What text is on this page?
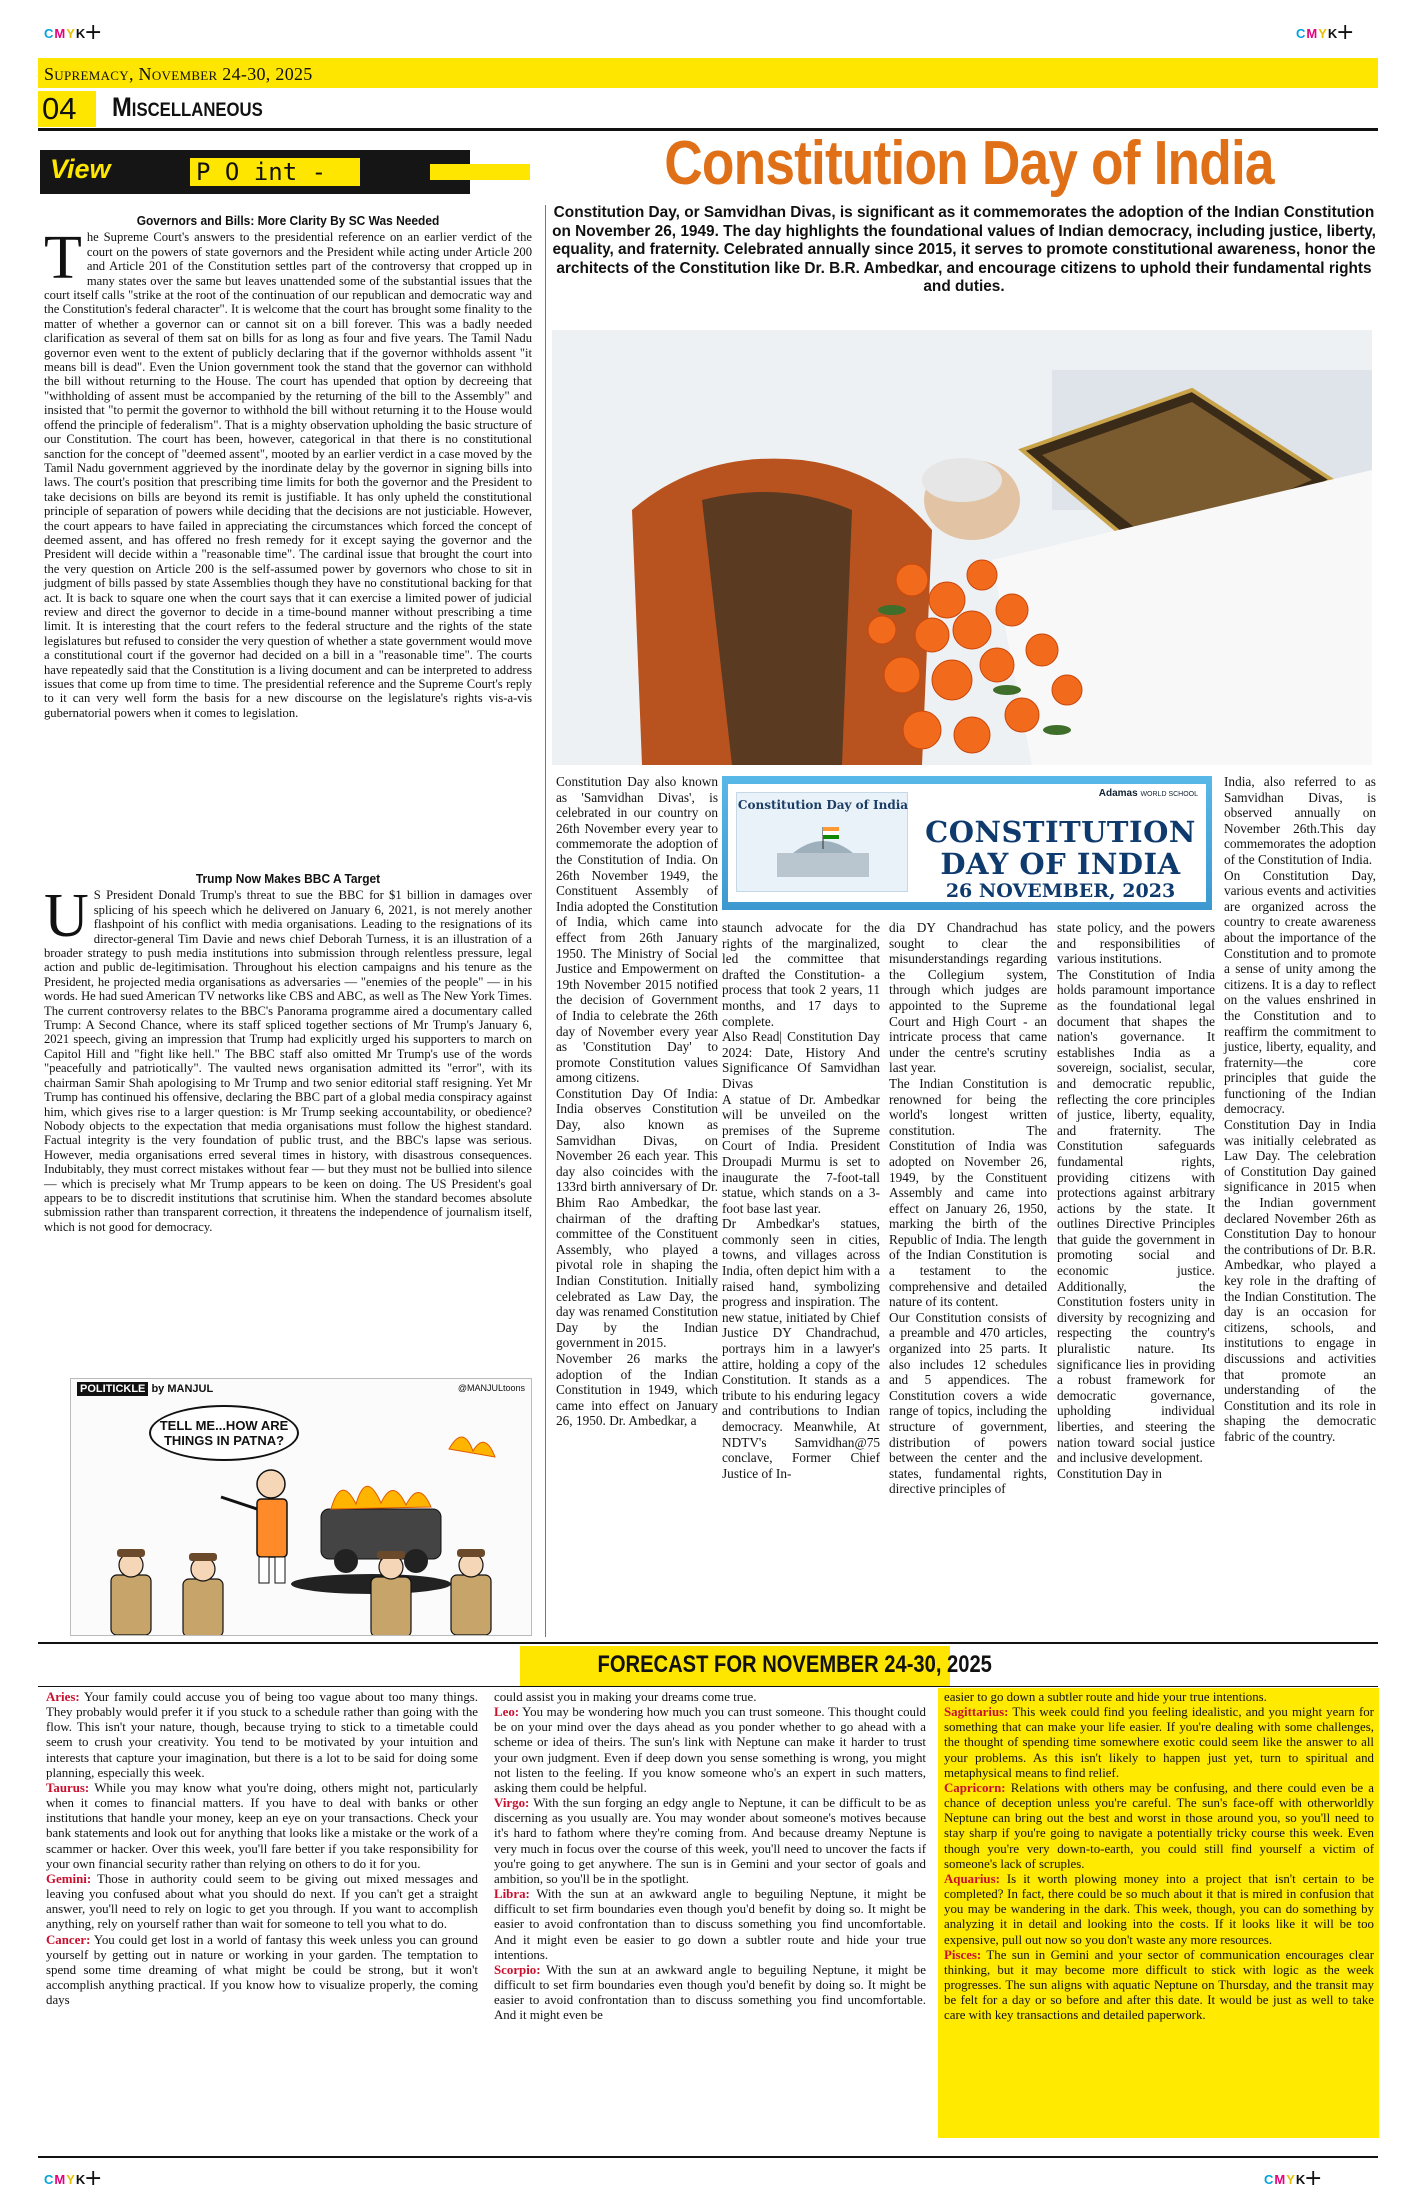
CMYK
+	CMYK
+
CMYK
+	CMYK
+
Supremacy, November 24-30, 2025
04	Miscellaneous
View	P O int -
Governors and Bills: More Clarity By SC Was Needed
T he Supreme Court's answers to the presidential reference on an earlier verdict of the court on the powers of state governors and the President while acting under Article 200 and Article 201 of the Constitution settles part of the controversy that cropped up in many states over the same but leaves unattended some of the substantial issues that the court itself calls "strike at the root of the continuation of our republican and democratic way and the Constitution's federal character". It is welcome that the court has brought some finality to the matter of whether a governor can or cannot sit on a bill forever. This was a badly needed clarification as several of them sat on bills for as long as four and five years. The Tamil Nadu governor even went to the extent of publicly declaring that if the governor withholds assent "it means bill is dead". Even the Union government took the stand that the governor can withhold the bill without returning to the House. The court has upended that option by decreeing that "withholding of assent must be accompanied by the returning of the bill to the Assembly" and insisted that "to permit the governor to withhold the bill without returning it to the House would offend the principle of federalism". That is a mighty observation upholding the basic structure of our Constitution. The court has been, however, categorical in that there is no constitutional sanction for the concept of "deemed assent", mooted by an earlier verdict in a case moved by the Tamil Nadu government aggrieved by the inordinate delay by the governor in signing bills into laws. The court's position that prescribing time limits for both the governor and the President to take decisions on bills are beyond its remit is justifiable. It has only upheld the constitutional principle of separation of powers while deciding that the decisions are not justiciable. However, the court appears to have failed in appreciating the circumstances which forced the concept of deemed assent, and has offered no fresh remedy for it except saying the governor and the President will decide within a "reasonable time". The cardinal issue that brought the court into the very question on Article 200 is the self-assumed power by governors who chose to sit in judgment of bills passed by state Assemblies though they have no constitutional backing for that act. It is back to square one when the court says that it can exercise a limited power of judicial review and direct the governor to decide in a time-bound manner without prescribing a time limit. It is interesting that the court refers to the federal structure and the rights of the state legislatures but refused to consider the very question of whether a state government would move a constitutional court if the governor had decided on a bill in a "reasonable time". The courts have repeatedly said that the Constitution is a living document and can be interpreted to address issues that come up from time to time. The presidential reference and the Supreme Court's reply to it can very well form the basis for a new discourse on the legislature's rights vis-a-vis gubernatorial powers when it comes to legislation.
Trump Now Makes BBC A Target
U S President Donald Trump's threat to sue the BBC for $1 billion in damages over splicing of his speech which he delivered on January 6, 2021, is not merely another flashpoint of his conflict with media organisations. Leading to the resignations of its director-general Tim Davie and news chief Deborah Turness, it is an illustration of a broader strategy to push media institutions into submission through relentless pressure, legal action and public de-legitimisation. Throughout his election campaigns and his tenure as the President, he projected media organisations as adversaries — "enemies of the people" — in his words. He had sued American TV networks like CBS and ABC, as well as The New York Times. The current controversy relates to the BBC's Panorama programme aired a documentary called Trump: A Second Chance, where its staff spliced together sections of Mr Trump's January 6, 2021 speech, giving an impression that Trump had explicitly urged his supporters to march on Capitol Hill and "fight like hell." The BBC staff also omitted Mr Trump's use of the words "peacefully and patriotically". The vaulted news organisation admitted its "error", with its chairman Samir Shah apologising to Mr Trump and two senior editorial staff resigning. Yet Mr Trump has continued his offensive, declaring the BBC part of a global media conspiracy against him, which gives rise to a larger question: is Mr Trump seeking accountability, or obedience? Nobody objects to the expectation that media organisations must follow the highest standard. Factual integrity is the very foundation of public trust, and the BBC's lapse was serious. However, media organisations erred several times in history, with disastrous consequences. Indubitably, they must correct mistakes without fear — but they must not be bullied into silence — which is precisely what Mr Trump appears to be keen on doing. The US President's goal appears to be to discredit institutions that scrutinise him. When the standard becomes absolute submission rather than transparent correction, it threatens the independence of journalism itself, which is not good for democracy.
POLITICKLE by MANJUL	@MANJULtoons
TELL ME...HOW ARE THINGS IN PATNA?
Constitution Day of India
Constitution Day, or Samvidhan Divas, is significant as it commemorates the adoption of the Indian Constitution on November 26, 1949. The day highlights the foundational values of Indian democracy, including justice, liberty, equality, and fraternity. Celebrated annually since 2015, it serves to promote constitutional awareness, honor the architects of the Constitution like Dr. B.R. Ambedkar, and encourage citizens to uphold their fundamental rights and duties.
Constitution Day also known as 'Samvidhan Divas', is celebrated in our country on 26th November every year to commemorate the adoption of the Constitution of India. On 26th November 1949, the Constituent Assembly of India adopted the Constitution of India, which came into effect from 26th January 1950. The Ministry of Social Justice and Empowerment on 19th November 2015 notified the decision of Government of India to celebrate the 26th day of November every year as 'Constitution Day' to promote Constitution values among citizens.
Constitution Day Of India: India observes Constitution Day, also known as Samvidhan Divas, on November 26 each year. This day also coincides with the 133rd birth anniversary of Dr. Bhim Rao Ambedkar, the chairman of the drafting committee of the Constituent Assembly, who played a pivotal role in shaping the Indian Constitution. Initially celebrated as Law Day, the day was renamed Constitution Day by the Indian government in 2015.
November 26 marks the adoption of the Indian Constitution in 1949, which came into effect on January 26, 1950. Dr. Ambedkar, a
Constitution Day of India
Adamas WORLD SCHOOL
CONSTITUTION
DAY OF INDIA
26 NOVEMBER, 2023
staunch advocate for the rights of the marginalized, led the committee that drafted the Constitution- a process that took 2 years, 11 months, and 17 days to complete.
Also Read| Constitution Day 2024: Date, History And Significance Of Samvidhan Divas
A statue of Dr. Ambedkar will be unveiled on the premises of the Supreme Court of India. President Droupadi Murmu is set to inaugurate the 7-foot-tall statue, which stands on a 3-foot base last year.
Dr Ambedkar's statues, commonly seen in cities, towns, and villages across India, often depict him with a raised hand, symbolizing progress and inspiration. The new statue, initiated by Chief Justice DY Chandrachud, portrays him in a lawyer's attire, holding a copy of the Constitution. It stands as a tribute to his enduring legacy and contributions to Indian democracy. Meanwhile, At NDTV's Samvidhan@75 conclave, Former Chief Justice of In-
dia DY Chandrachud has sought to clear the misunderstandings regarding the Collegium system, through which judges are appointed to the Supreme Court and High Court - an intricate process that came under the centre's scrutiny last year.
The Indian Constitution is renowned for being the world's longest written constitution. The Constitution of India was adopted on November 26, 1949, by the Constituent Assembly and came into effect on January 26, 1950, marking the birth of the Republic of India. The length of the Indian Constitution is a testament to the comprehensive and detailed nature of its content.
Our Constitution consists of a preamble and 470 articles, organized into 25 parts. It also includes 12 schedules and 5 appendices. The Constitution covers a wide range of topics, including the structure of government, distribution of powers between the center and the states, fundamental rights, directive principles of
state policy, and the powers and responsibilities of various institutions.
The Constitution of India holds paramount importance as the foundational legal document that shapes the nation's governance. It establishes India as a sovereign, socialist, secular, and democratic republic, reflecting the core principles of justice, liberty, equality, and fraternity. The Constitution safeguards fundamental rights, providing citizens with protections against arbitrary actions by the state. It outlines Directive Principles that guide the government in promoting social and economic justice. Additionally, the Constitution fosters unity in diversity by recognizing and respecting the country's pluralistic nature. Its significance lies in providing a robust framework for democratic governance, upholding individual liberties, and steering the nation toward social justice and inclusive development.
Constitution Day in
India, also referred to as Samvidhan Divas, is observed annually on November 26th.This day commemorates the adoption of the Constitution of India.
On Constitution Day, various events and activities are organized across the country to create awareness about the importance of the Constitution and to promote a sense of unity among the citizens. It is a day to reflect on the values enshrined in the Constitution and to reaffirm the commitment to justice, liberty, equality, and fraternity—the core principles that guide the functioning of the Indian democracy.
Constitution Day in India was initially celebrated as Law Day. The celebration of Constitution Day gained significance in 2015 when the Indian government declared November 26th as Constitution Day to honour the contributions of Dr. B.R. Ambedkar, who played a key role in the drafting of the Indian Constitution. The day is an occasion for citizens, schools, and institutions to engage in discussions and activities that promote an understanding of the Constitution and its role in shaping the democratic fabric of the country.
FORECAST FOR NOVEMBER 24-30, 2025
Aries: Your family could accuse you of being too vague about too many things. They probably would prefer it if you stuck to a schedule rather than going with the flow. This isn't your nature, though, because trying to stick to a timetable could seem to crush your creativity. You tend to be motivated by your intuition and interests that capture your imagination, but there is a lot to be said for doing some planning, especially this week.
Taurus: While you may know what you're doing, others might not, particularly when it comes to financial matters. If you have to deal with banks or other institutions that handle your money, keep an eye on your transactions. Check your bank statements and look out for anything that looks like a mistake or the work of a scammer or hacker. Over this week, you'll fare better if you take responsibility for your own financial security rather than relying on others to do it for you.
Gemini: Those in authority could seem to be giving out mixed messages and leaving you confused about what you should do next. If you can't get a straight answer, you'll need to rely on logic to get you through. If you want to accomplish anything, rely on yourself rather than wait for someone to tell you what to do.
Cancer: You could get lost in a world of fantasy this week unless you can ground yourself by getting out in nature or working in your garden. The temptation to spend some time dreaming of what might be could be strong, but it won't accomplish anything practical. If you know how to visualize properly, the coming days
could assist you in making your dreams come true.
Leo: You may be wondering how much you can trust someone. This thought could be on your mind over the days ahead as you ponder whether to go ahead with a scheme or idea of theirs. The sun's link with Neptune can make it harder to trust your own judgment. Even if deep down you sense something is wrong, you might not listen to the feeling. If you know someone who's an expert in such matters, asking them could be helpful.
Virgo: With the sun forging an edgy angle to Neptune, it can be difficult to be as discerning as you usually are. You may wonder about someone's motives because it's hard to fathom where they're coming from. And because dreamy Neptune is very much in focus over the course of this week, you'll need to uncover the facts if you're going to get anywhere. The sun is in Gemini and your sector of goals and ambition, so you'll be in the spotlight.
Libra: With the sun at an awkward angle to beguiling Neptune, it might be difficult to set firm boundaries even though you'd benefit by doing so. It might be easier to avoid confrontation than to discuss something you find uncomfortable. And it might even be easier to go down a subtler route and hide your true intentions.
Scorpio: With the sun at an awkward angle to beguiling Neptune, it might be difficult to set firm boundaries even though you'd benefit by doing so. It might be easier to avoid confrontation than to discuss something you find uncomfortable. And it might even be
easier to go down a subtler route and hide your true intentions.
Sagittarius: This week could find you feeling idealistic, and you might yearn for something that can make your life easier. If you're dealing with some challenges, the thought of spending time somewhere exotic could seem like the answer to all your problems. As this isn't likely to happen just yet, turn to spiritual and metaphysical means to find relief.
Capricorn: Relations with others may be confusing, and there could even be a chance of deception unless you're careful. The sun's face-off with otherworldly Neptune can bring out the best and worst in those around you, so you'll need to stay sharp if you're going to navigate a potentially tricky course this week. Even though you're very down-to-earth, you could still find yourself a victim of someone's lack of scruples.
Aquarius: Is it worth plowing money into a project that isn't certain to be completed? In fact, there could be so much about it that is mired in confusion that you may be wandering in the dark. This week, though, you can do something by analyzing it in detail and looking into the costs. If it looks like it will be too expensive, pull out now so you don't waste any more resources.
Pisces: The sun in Gemini and your sector of communication encourages clear thinking, but it may become more difficult to stick with logic as the week progresses. The sun aligns with aquatic Neptune on Thursday, and the transit may be felt for a day or so before and after this date. It would be just as well to take care with key transactions and detailed paperwork.
